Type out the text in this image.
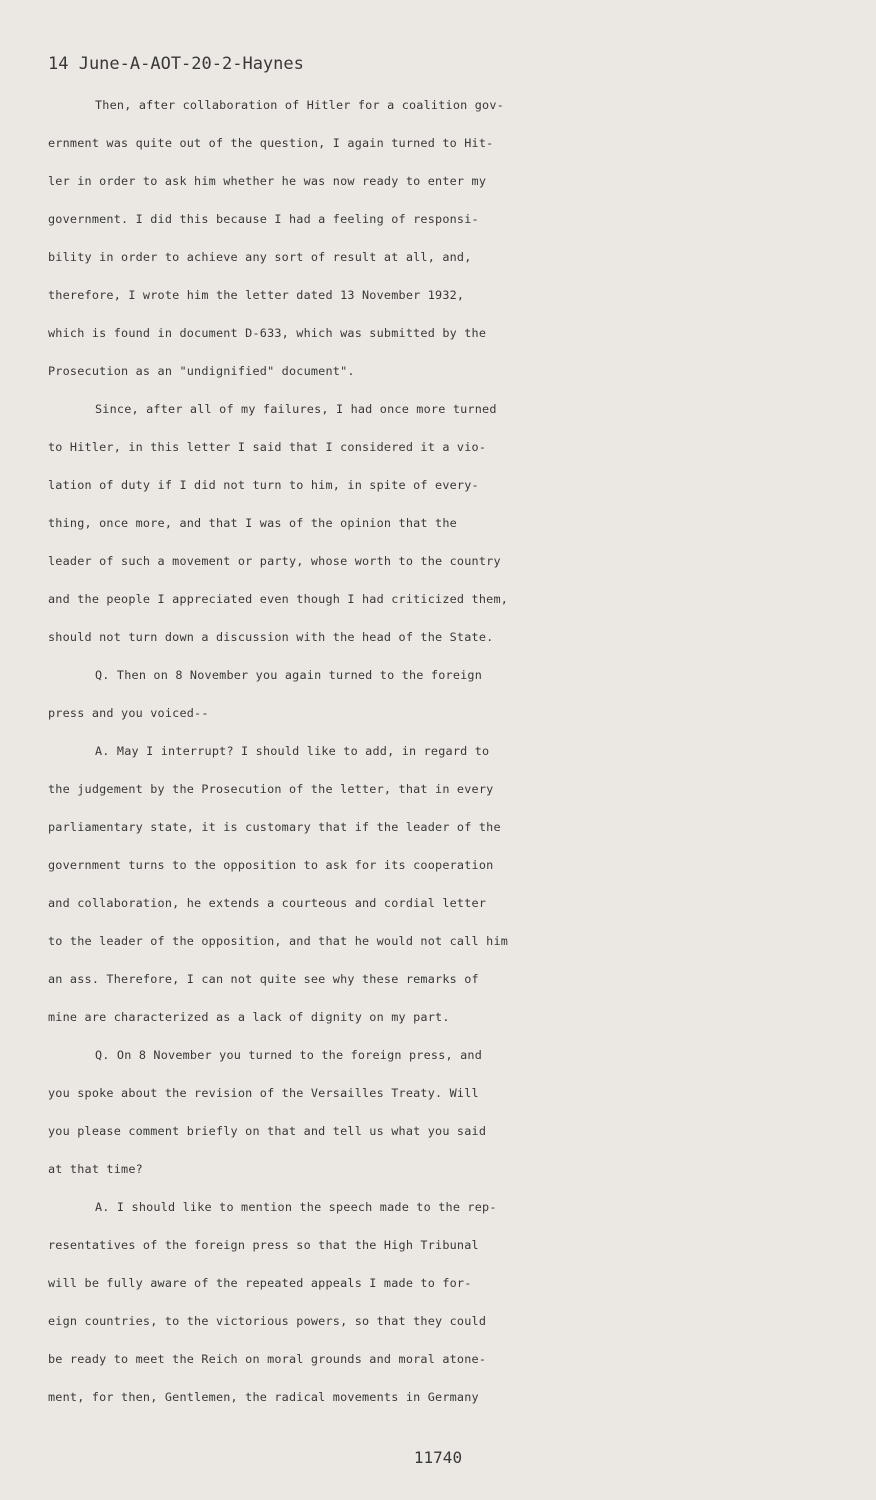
14 June-A-AOT-20-2-Haynes
Then, after collaboration of Hitler for a coalition gov-
ernment was quite out of the question, I again turned to Hit-
ler in order to ask him whether he was now ready to enter my
government. I did this because I had a feeling of responsi-
bility in order to achieve any sort of result at all, and,
therefore, I wrote him the letter dated 13 November 1932,
which is found in document D-633, which was submitted by the
Prosecution as an "undignified" document".
Since, after all of my failures, I had once more turned
to Hitler, in this letter I said that I considered it a vio-
lation of duty if I did not turn to him, in spite of every-
thing, once more, and that I was of the opinion that the
leader of such a movement or party, whose worth to the country
and the people I appreciated even though I had criticized them,
should not turn down a discussion with the head of the State.
Q. Then on 8 November you again turned to the foreign
press and you voiced--
A. May I interrupt? I should like to add, in regard to
the judgement by the Prosecution of the letter, that in every
parliamentary state, it is customary that if the leader of the
government turns to the opposition to ask for its cooperation
and collaboration, he extends a courteous and cordial letter
to the leader of the opposition, and that he would not call him
an ass. Therefore, I can not quite see why these remarks of
mine are characterized as a lack of dignity on my part.
Q. On 8 November you turned to the foreign press, and
you spoke about the revision of the Versailles Treaty. Will
you please comment briefly on that and tell us what you said
at that time?
A. I should like to mention the speech made to the rep-
resentatives of the foreign press so that the High Tribunal
will be fully aware of the repeated appeals I made to for-
eign countries, to the victorious powers, so that they could
be ready to meet the Reich on moral grounds and moral atone-
ment, for then, Gentlemen, the radical movements in Germany
11740
